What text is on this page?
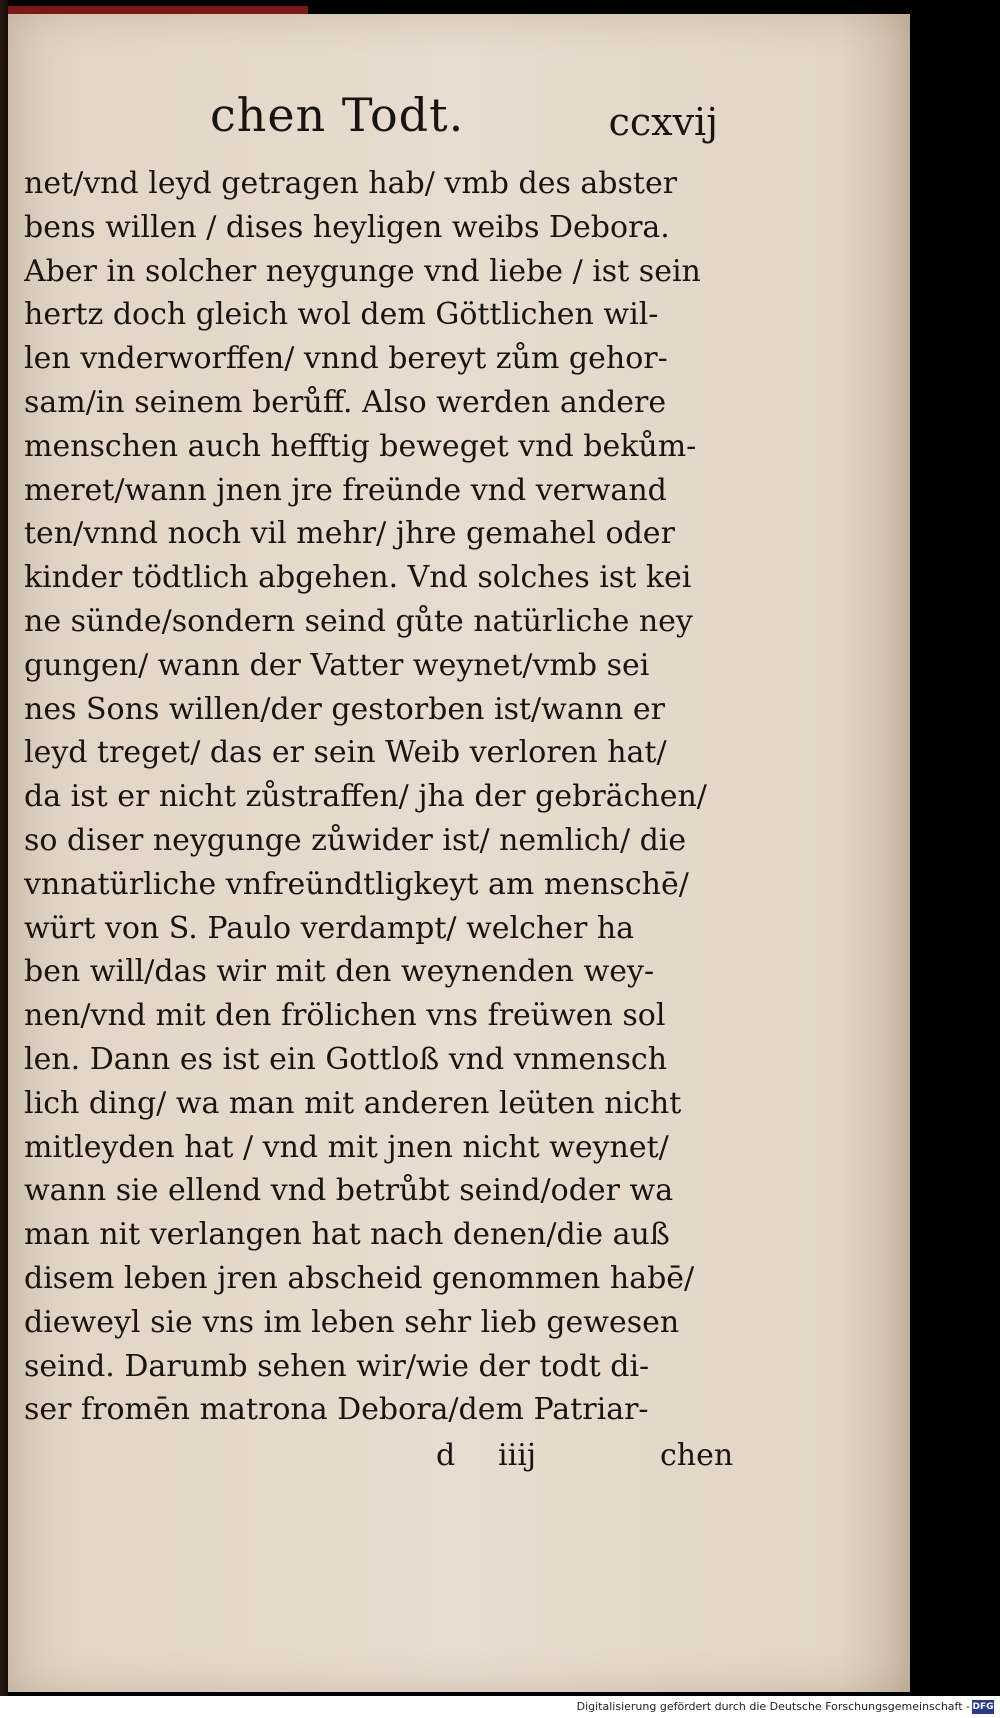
chen Todt.	ccxvij
net/vnd leyd getragen hab/ vmb des abster
bens willen / dises heyligen weibs Debora.
Aber in solcher neygunge vnd liebe / ist sein
hertz doch gleich wol dem Göttlichen wil-
len vnderworffen/ vnnd bereyt zům gehor-
sam/in seinem berůff. Also werden andere
menschen auch hefftig beweget vnd bekům-
meret/wann jnen jre freünde vnd verwand
ten/vnnd noch vil mehr/ jhre gemahel oder
kinder tödtlich abgehen. Vnd solches ist kei
ne sünde/sondern seind gůte natürliche ney
gungen/ wann der Vatter weynet/vmb sei
nes Sons willen/der gestorben ist/wann er
leyd treget/ das er sein Weib verloren hat/
da ist er nicht zůstraffen/ jha der gebrächen/
so diser neygunge zůwider ist/ nemlich/ die
vnnatürliche vnfreündtligkeyt am menschē/
würt von S. Paulo verdampt/ welcher ha
ben will/das wir mit den weynenden wey-
nen/vnd mit den frölichen vns freüwen sol
len. Dann es ist ein Gottloß vnd vnmensch
lich ding/ wa man mit anderen leüten nicht
mitleyden hat / vnd mit jnen nicht weynet/
wann sie ellend vnd betrůbt seind/oder wa
man nit verlangen hat nach denen/die auß
disem leben jren abscheid genommen habē/
dieweyl sie vns im leben sehr lieb gewesen
seind. Darumb sehen wir/wie der todt di-
ser fromēn matrona Debora/dem Patriar-
d iiij	chen
Digitalisierung gefördert durch die Deutsche Forschungsgemeinschaft - DFG
